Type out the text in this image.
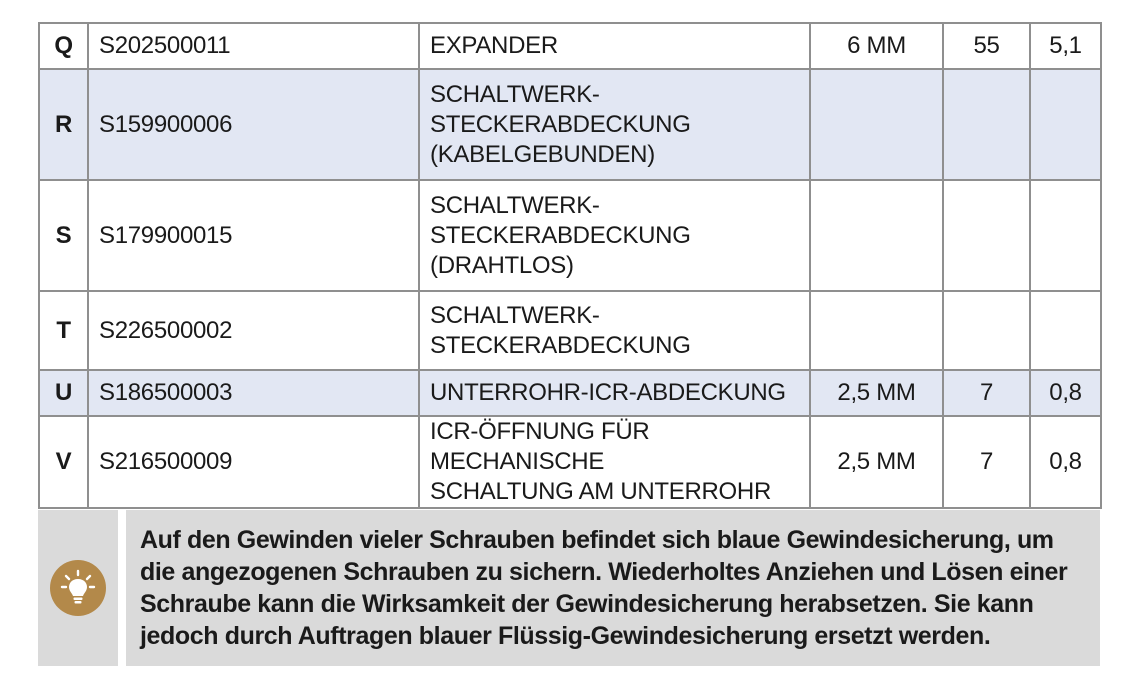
Q	S202500011	EXPANDER	6 MM	55	5,1
R	S159900006	SCHALTWERK-
STECKERABDECKUNG
(KABELGEBUNDEN)			

S	S179900015	SCHALTWERK-
STECKERABDECKUNG
(DRAHTLOS)			

T	S226500002	SCHALTWERK-
STECKERABDECKUNG			

U	S186500003	UNTERROHR-ICR-ABDECKUNG	2,5 MM	7	0,8
V	S216500009	ICR-ÖFFNUNG FÜR MECHANISCHE
SCHALTUNG AM UNTERROHR	2,5 MM	7	0,8

Auf den Gewinden vieler Schrauben befindet sich blaue Gewindesicherung, um
die angezogenen Schrauben zu sichern. Wiederholtes Anziehen und Lösen einer
Schraube kann die Wirksamkeit der Gewindesicherung herabsetzen. Sie kann
jedoch durch Auftragen blauer Flüssig-Gewindesicherung ersetzt werden.
